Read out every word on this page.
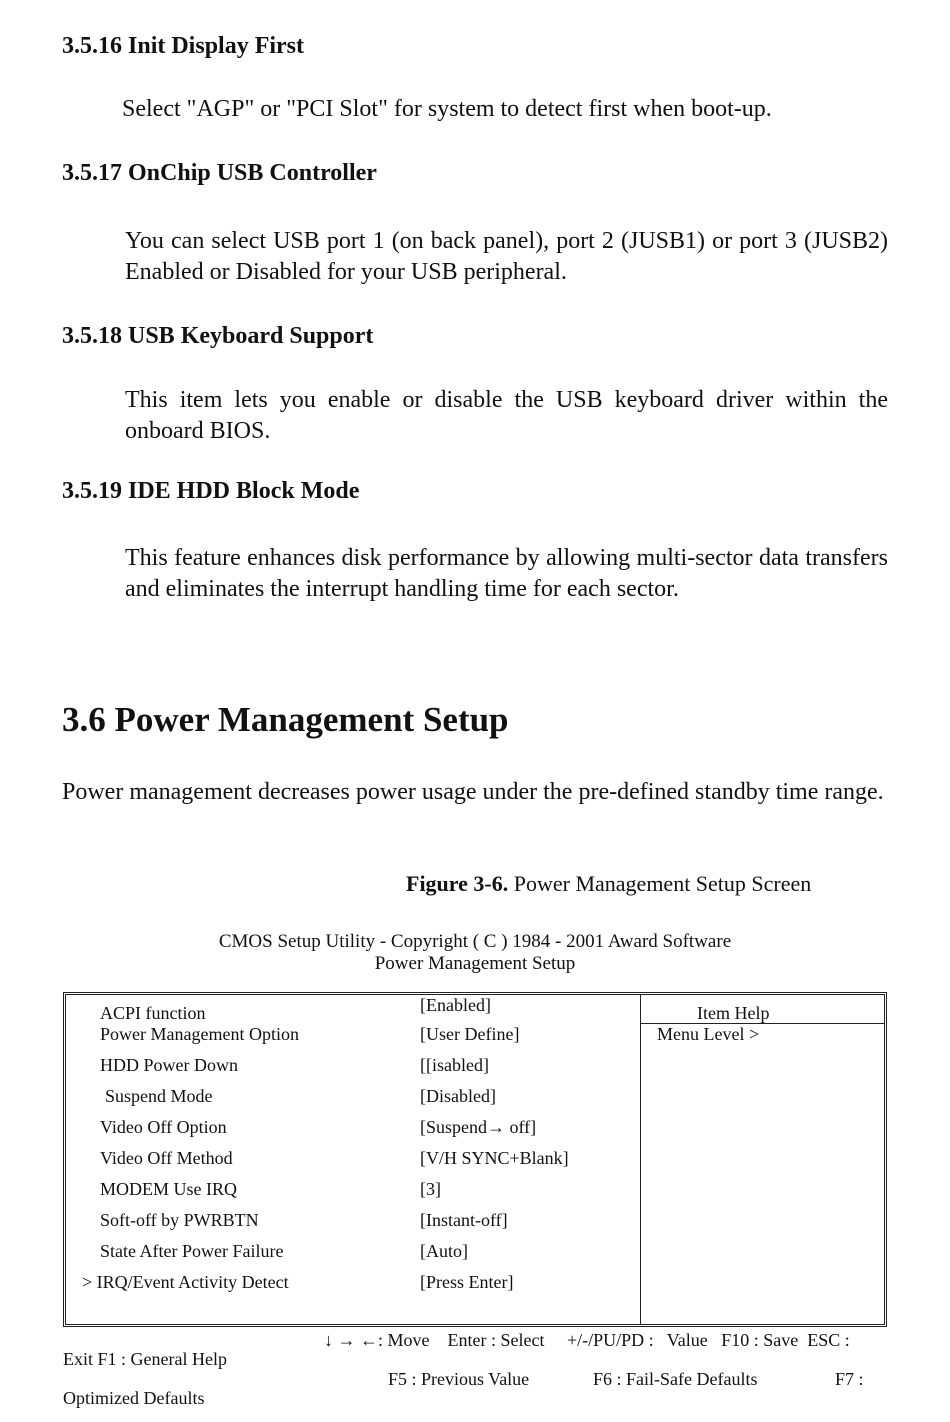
3.5.16 Init Display First
Select "AGP" or "PCI Slot" for system to detect first when boot-up.
3.5.17 OnChip USB Controller
You can select USB port 1 (on back panel), port 2 (JUSB1) or port 3 (JUSB2) Enabled or Disabled for your USB peripheral.
3.5.18 USB Keyboard Support
This item lets you enable or disable the USB keyboard driver within the onboard BIOS.
3.5.19 IDE HDD Block Mode
This feature enhances disk performance by allowing multi-sector data transfers and eliminates the interrupt handling time for each sector.
3.6 Power Management Setup
Power management decreases power usage under the pre-defined standby time range.
Figure 3-6. Power Management Setup Screen
CMOS Setup Utility - Copyright ( C ) 1984 - 2001 Award Software
Power Management Setup
Item Help
Menu Level >
ACPI function	[Enabled]
Power Management Option	[User Define]
HDD Power Down	[[isabled]
Suspend Mode	[Disabled]
Video Off Option	[Suspend→ off]
Video Off Method	[V/H SYNC+Blank]
MODEM Use IRQ	[3]
Soft-off by PWRBTN	[Instant-off]
State After Power Failure	[Auto]
> IRQ/Event Activity Detect	[Press Enter]
↓ → ←: Move    Enter : Select     +/-/PU/PD :   Value   F10 : Save  ESC :
Exit F1 : General Help
F5 : Previous Value	F6 : Fail-Safe Defaults	F7 :
Optimized Defaults
